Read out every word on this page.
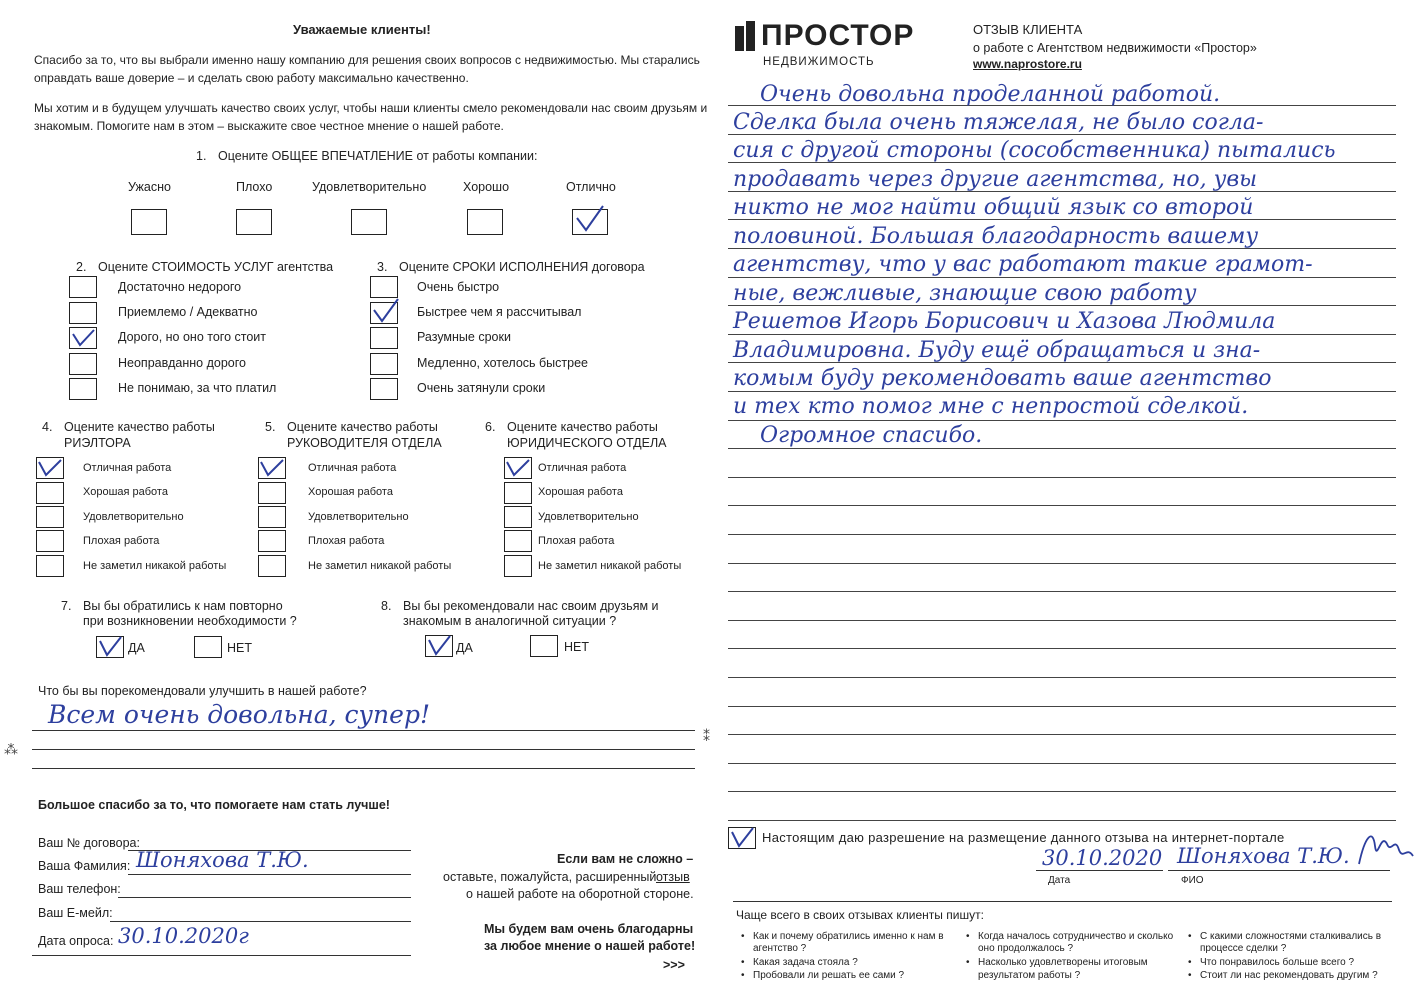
Уважаемые клиенты!
Спасибо за то, что вы выбрали именно нашу компанию для решения своих вопросов с недвижимостью. Мы старались
оправдать ваше доверие – и сделать свою работу максимально качественно.
Мы хотим и в будущем улучшать качество своих услуг, чтобы наши клиенты смело рекомендовали нас своим друзьям и
знакомым. Помогите нам в этом – выскажите свое честное мнение о нашей работе.
1. Оцените ОБЩЕЕ ВПЕЧАТЛЕНИЕ от работы компании:
Ужасно	Плохо	Удовлетворительно	Хорошо	Отлично
2. Оцените СТОИМОСТЬ УСЛУГ агентства	3. Оцените СРОКИ ИСПОЛНЕНИЯ договора
Достаточно недорого
Приемлемо / Адекватно
Дорого, но оно того стоит
Неоправданно дорого
Не понимаю, за что платил
Очень быстро
Быстрее чем я рассчитывал
Разумные сроки
Медленно, хотелось быстрее
Очень затянули сроки
4. Оцените качество работы
РИЭЛТОРА
5. Оцените качество работы
РУКОВОДИТЕЛЯ ОТДЕЛА
6. Оцените качество работы
ЮРИДИЧЕСКОГО ОТДЕЛА
Отличная работа
Хорошая работа
Удовлетворительно
Плохая работа
Не заметил никакой работы
Отличная работа
Хорошая работа
Удовлетворительно
Плохая работа
Не заметил никакой работы
Отличная работа
Хорошая работа
Удовлетворительно
Плохая работа
Не заметил никакой работы
7. Вы бы обратились к нам повторно
при возникновении необходимости ?
ДА	НЕТ
8. Вы бы рекомендовали нас своим друзьям и
знакомым в аналогичной ситуации ?
ДА	НЕТ
Что бы вы порекомендовали улучшить в нашей работе?
Всем очень довольна, супер!
Большое спасибо за то, что помогаете нам стать лучше!
Ваш № договора:
Ваша Фамилия: Шоняхова Т.Ю.
Ваш телефон:
Ваш Е-мейл:
Дата опроса: 30.10.2020г
Если вам не сложно –
оставьте, пожалуйста, расширенный отзыв
о нашей работе на оборотной стороне.
Мы будем вам очень благодарны
за любое мнение о нашей работе!
>>>
ПРОСТОР
НЕДВИЖИМОСТЬ
ОТЗЫВ КЛИЕНТА
о работе с Агентством недвижимости «Простор»
www.naprostore.ru
Очень довольна проделанной работой.
Сделка была очень тяжелая, не было согла-
сия с другой стороны (сособственника) пытались
продавать через другие агентства, но, увы
никто не мог найти общий язык со второй
половиной. Большая благодарность вашему
агентству, что у вас работают такие грамот-
ные, вежливые, знающие свою работу
Решетов Игорь Борисович и Хазова Людмила
Владимировна. Буду ещё обращаться и зна-
комым буду рекомендовать ваше агентство
и тех кто помог мне с непростой сделкой.
Огромное спасибо.
Настоящим даю разрешение на размещение данного отзыва на интернет-портале
30.10.2020 Шоняхова Т.Ю.
Дата	ФИО
Чаще всего в своих отзывах клиенты пишут:
• Как и почему обратились именно к нам в
агентство ?
• Какая задача стояла ?
• Пробовали ли решать ее сами ?
• Когда началось сотрудничество и сколько
оно продолжалось ?
• Насколько удовлетворены итоговым
результатом работы ?
• С какими сложностями сталкивались в
процессе сделки ?
• Что понравилось больше всего ?
• Стоит ли нас рекомендовать другим ?
⁑
⁂
